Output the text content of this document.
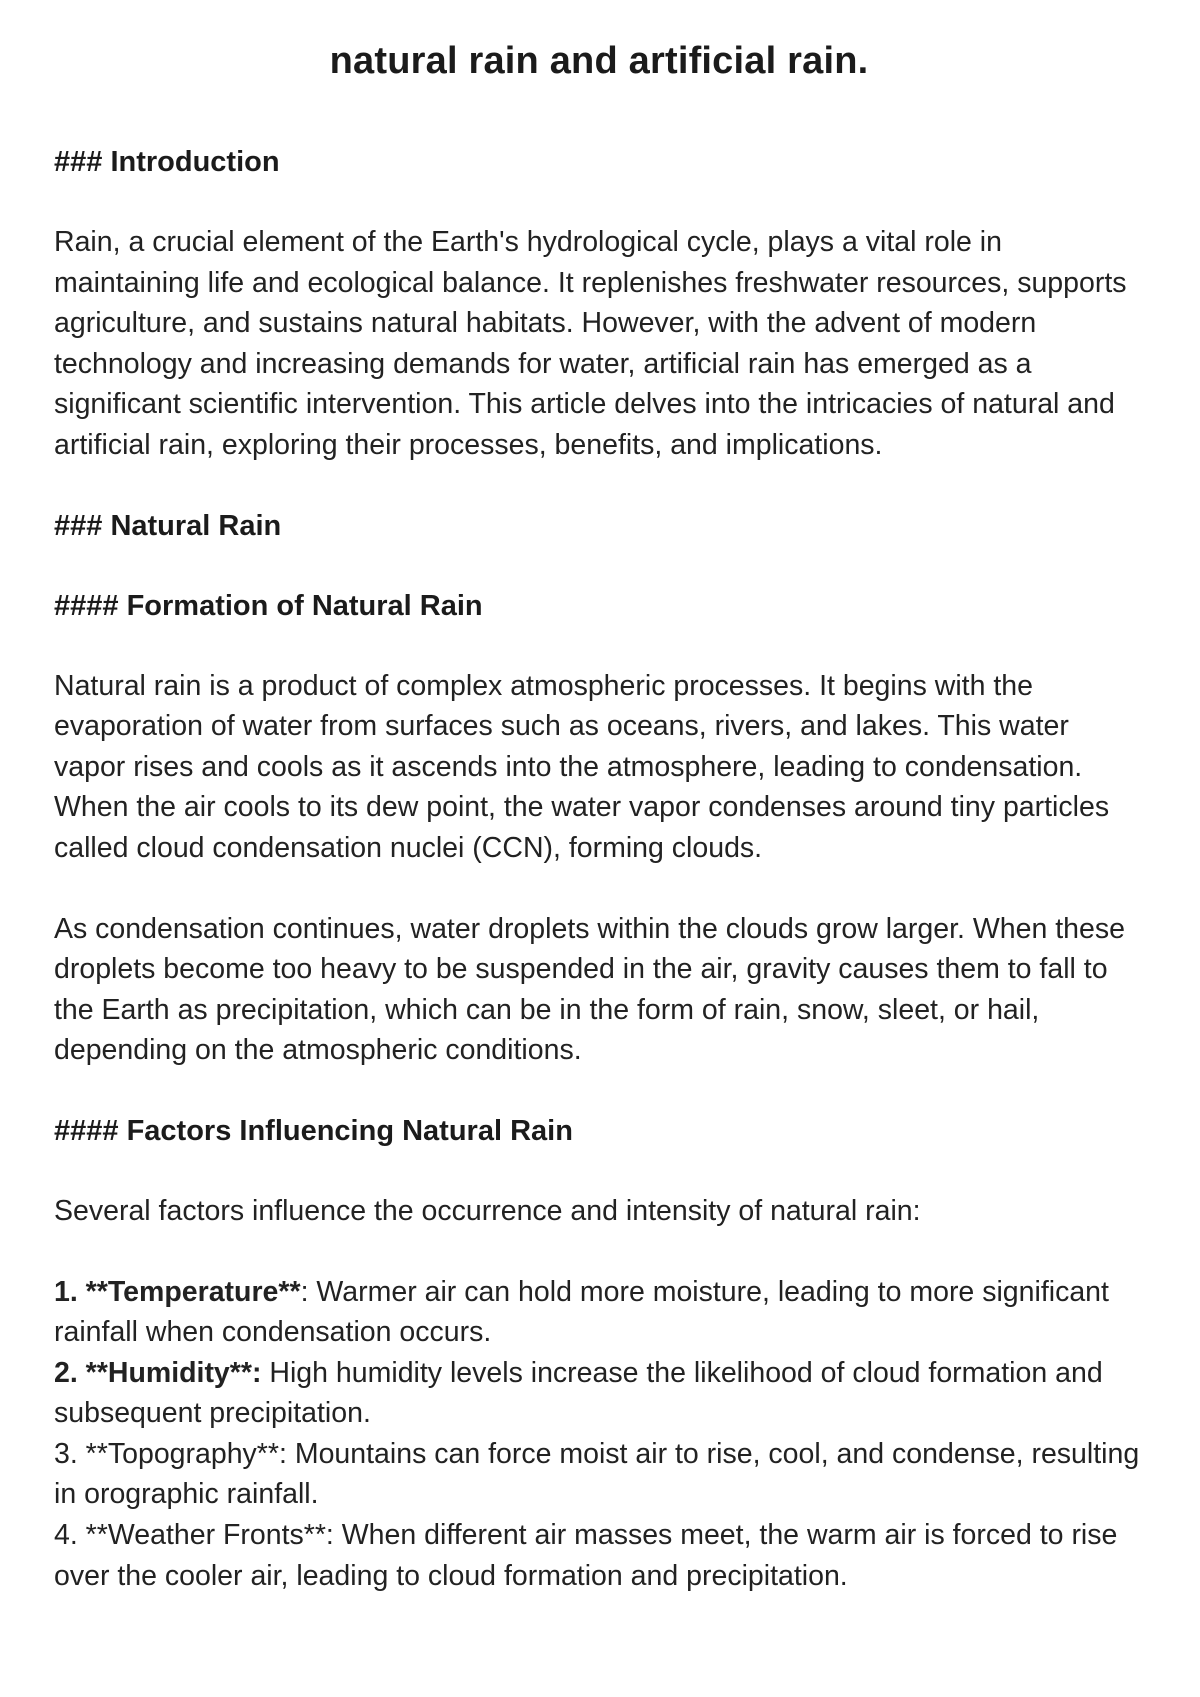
natural rain and artificial rain.
### Introduction

Rain, a crucial element of the Earth's hydrological cycle, plays a vital role in maintaining life and ecological balance. It replenishes freshwater resources, supports agriculture, and sustains natural habitats. However, with the advent of modern technology and increasing demands for water, artificial rain has emerged as a significant scientific intervention. This article delves into the intricacies of natural and artificial rain, exploring their processes, benefits, and implications.

### Natural Rain
#### Formation of Natural Rain

Natural rain is a product of complex atmospheric processes. It begins with the evaporation of water from surfaces such as oceans, rivers, and lakes. This water vapor rises and cools as it ascends into the atmosphere, leading to condensation. When the air cools to its dew point, the water vapor condenses around tiny particles called cloud condensation nuclei (CCN), forming clouds.

As condensation continues, water droplets within the clouds grow larger. When these droplets become too heavy to be suspended in the air, gravity causes them to fall to the Earth as precipitation, which can be in the form of rain, snow, sleet, or hail, depending on the atmospheric conditions.

#### Factors Influencing Natural Rain

Several factors influence the occurrence and intensity of natural rain:

1. **Temperature**: Warmer air can hold more moisture, leading to more significant rainfall when condensation occurs.
2. **Humidity**: High humidity levels increase the likelihood of cloud formation and subsequent precipitation.
3. **Topography**: Mountains can force moist air to rise, cool, and condense, resulting in orographic rainfall.
4. **Weather Fronts**: When different air masses meet, the warm air is forced to rise over the cooler air, leading to cloud formation and precipitation.
